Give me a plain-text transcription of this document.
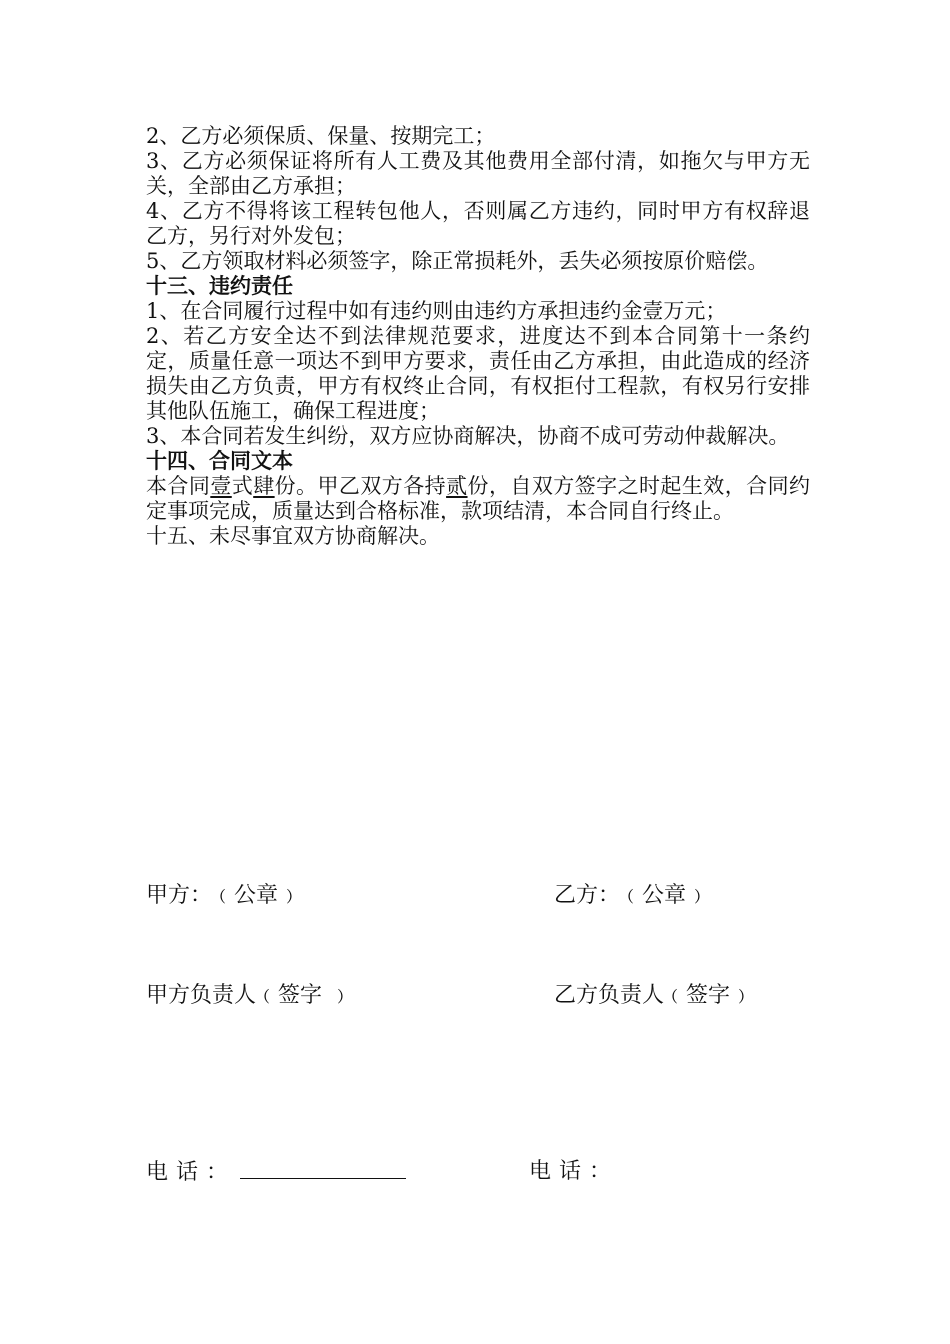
2、乙方必须保质、保量、按期完工；

3、乙方必须保证将所有人工费及其他费用全部付清，如拖欠与甲方无关，全部由乙方承担；

4、乙方不得将该工程转包他人，否则属乙方违约，同时甲方有权辞退乙方，另行对外发包；

5、乙方领取材料必须签字，除正常损耗外，丢失必须按原价赔偿。

十三、违约责任

1、在合同履行过程中如有违约则由违约方承担违约金壹万元；

2、若乙方安全达不到法律规范要求，进度达不到本合同第十一条约定，质量任意一项达不到甲方要求，责任由乙方承担，由此造成的经济损失由乙方负责，甲方有权终止合同，有权拒付工程款，有权另行安排其他队伍施工，确保工程进度；

3、本合同若发生纠纷，双方应协商解决，协商不成可劳动仲裁解决。

十四、合同文本

本合同壹式肆份。甲乙双方各持贰份，自双方签字之时起生效，合同约定事项完成，质量达到合格标准，款项结清，本合同自行终止。

十五、未尽事宜双方协商解决。

甲方：﹙公章﹚	乙方：﹙公章﹚
甲方负责人﹙签字 ﹚	乙方负责人﹙签字﹚
电话：	电话：
